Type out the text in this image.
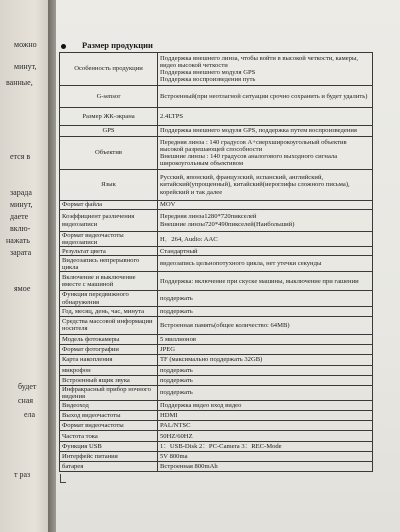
можно
минут,
ванные,
ется в
зарада
минут,
даете
вклю-
нажать
зарата
ямое
будет
сная
ела
т раз
Размер продукции
Особенность продукции	Поддержка внешнего линза, чтобы войти в высокой четкости, камеры, видео высокой четкости
Поддержка внешнего модуля GPS
Поддержка воспроизведения путь
G-sensor	Встроенный(при неотлагной ситуации срочно сохранить и будет удалить)
Размер ЖК-экрана	2.4LTPS
GPS	Поддержка внешнего модуля GPS, поддержка путем воспроизведения
Объектив	Передняя линза : 140 градусов A+сверхширокоугольный объектив высокой разрешающей способности
Внешние линзы : 140 градусов аналогового выходного сигнала широкоугольным объективом
Язык	Русский, японский, французский, испанский, английский, китайский(упрощенный), китайский(иероглифы сложного письма), корейский и так далее
Формат файла	MOV
Коэффициент различения видеозаписи	Передняя линза1280*720пикселей
Внешние линзы720*490пикселей(Наибольший)
Формат видеочастоты видеозаписи	H．264, Audio: AAC
Результат цвета	Стандартный
Видеозапись непрерывного цикла	видеозапись цельнопотухного цикла, нет утечки секунды
Включение и выключение вместе с машиной	Поддержка: включение при скуске машины, выключение при гашении
Функция передвижного обнаружения	поддержать
Год, месяц, день, час, минута	поддержать
Средства массовой информации носителя	Встроенная память(общее количество: 64MB)
Модель фотокамеры	5 миллионов
Формат фотографии	JPEG
Карта накопления	TF (максимально поддержать 32GB)
микрофон	поддержать
Встроенный ящик звука	поддержать
Инфракрасный прибор ночного видения	поддержать
Видеоход	Поддержка видео вход видео
Выход видеочастоты	HDMI
Формат видеочастоты	PAL/NTSC
Частота тока	50HZ/60HZ
Функция USB	1：USB-Disk 2：PC-Camera 3：REC-Mode
Интерфейс питания	5V 800ma
батарея	Встроенная 800mAh
